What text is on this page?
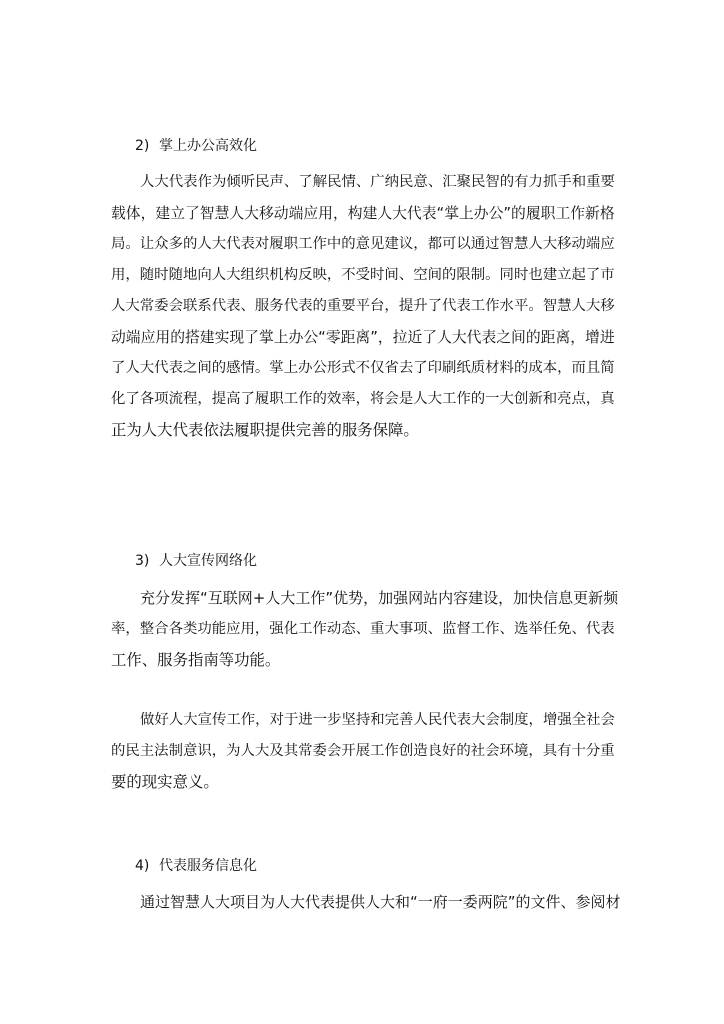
2) 掌上办公高效化
人大代表作为倾听民声、了解民情、广纳民意、汇聚民智的有力抓手和重要
载体，建立了智慧人大移动端应用，构建人大代表“掌上办公”的履职工作新格
局。让众多的人大代表对履职工作中的意见建议，都可以通过智慧人大移动端应
用，随时随地向人大组织机构反映，不受时间、空间的限制。同时也建立起了市
人大常委会联系代表、服务代表的重要平台，提升了代表工作水平。智慧人大移
动端应用的搭建实现了掌上办公“零距离”，拉近了人大代表之间的距离，增进
了人大代表之间的感情。掌上办公形式不仅省去了印刷纸质材料的成本，而且简
化了各项流程，提高了履职工作的效率，将会是人大工作的一大创新和亮点，真
正为人大代表依法履职提供完善的服务保障。
3) 人大宣传网络化
充分发挥“互联网+人大工作”优势，加强网站内容建设，加快信息更新频
率，整合各类功能应用，强化工作动态、重大事项、监督工作、选举任免、代表
工作、服务指南等功能。
做好人大宣传工作，对于进一步坚持和完善人民代表大会制度，增强全社会
的民主法制意识，为人大及其常委会开展工作创造良好的社会环境，具有十分重
要的现实意义。
4) 代表服务信息化
通过智慧人大项目为人大代表提供人大和“一府一委两院”的文件、参阅材
